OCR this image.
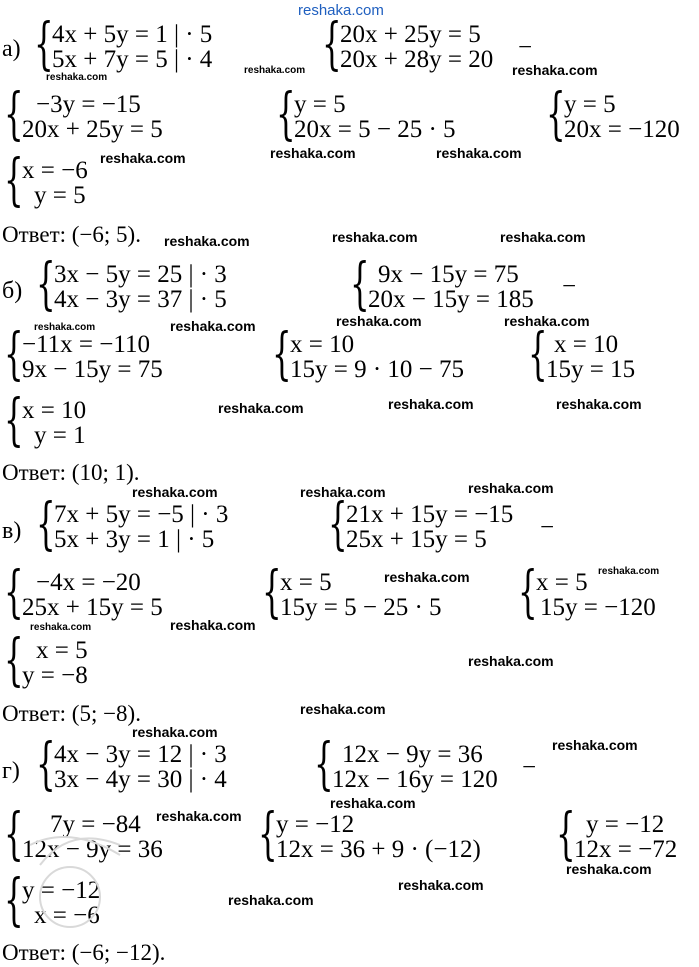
reshaka.com
а) {
4x + 5y = 1 | · 5
5x + 7y = 5 | · 4 {
20x + 25y = 5
20x + 28y = 20 −
reshaka.com
reshaka.com	reshaka.com
{ −3y = −15
20x + 25y = 5 {
y = 5
20x = 5 − 25 · 5 {
y = 5
20x = −120
{
x = −6
y = 5
reshaka.com	reshaka.com	reshaka.com
Ответ: (−6; 5). reshaka.com	reshaka.com	reshaka.com
б) {
3x − 5y = 25 | · 3
4x − 3y = 37 | · 5 { 9x − 15y = 75
20x − 15y = 185 −
reshaka.com	reshaka.com	reshaka.com	reshaka.com
{
−11x = −110
9x − 15y = 75 {
x = 10
15y = 9 · 10 − 75 { x = 10
15y = 15
{
x = 10
y = 1
reshaka.com	reshaka.com	reshaka.com
Ответ: (10; 1).
reshaka.com	reshaka.com	reshaka.com
в) {
7x + 5y = −5 | · 3
5x + 3y = 1 | · 5 {
21x + 15y = −15
25x + 15y = 5 −
{ −4x = −20
25x + 15y = 5 {
x = 5
15y = 5 − 25 · 5 {
x = 5
15y = −120
reshaka.com	reshaka.com
reshaka.com	reshaka.com
{ x = 5
y = −8
reshaka.com
Ответ: (5; −8).	reshaka.com
reshaka.com
reshaka.com
г) {
4x − 3y = 12 | · 3
3x − 4y = 30 | · 4 { 12x − 9y = 36
12x − 16y = 120 −
reshaka.com
{ 7y = −84
12x − 9y = 36
reshaka.com {
y = −12
12x = 36 + 9 · (−12) { y = −12
12x = −72
reshaka.com
{
y = −12
x = −6
reshaka.com
reshaka.com
Ответ: (−6; −12).
